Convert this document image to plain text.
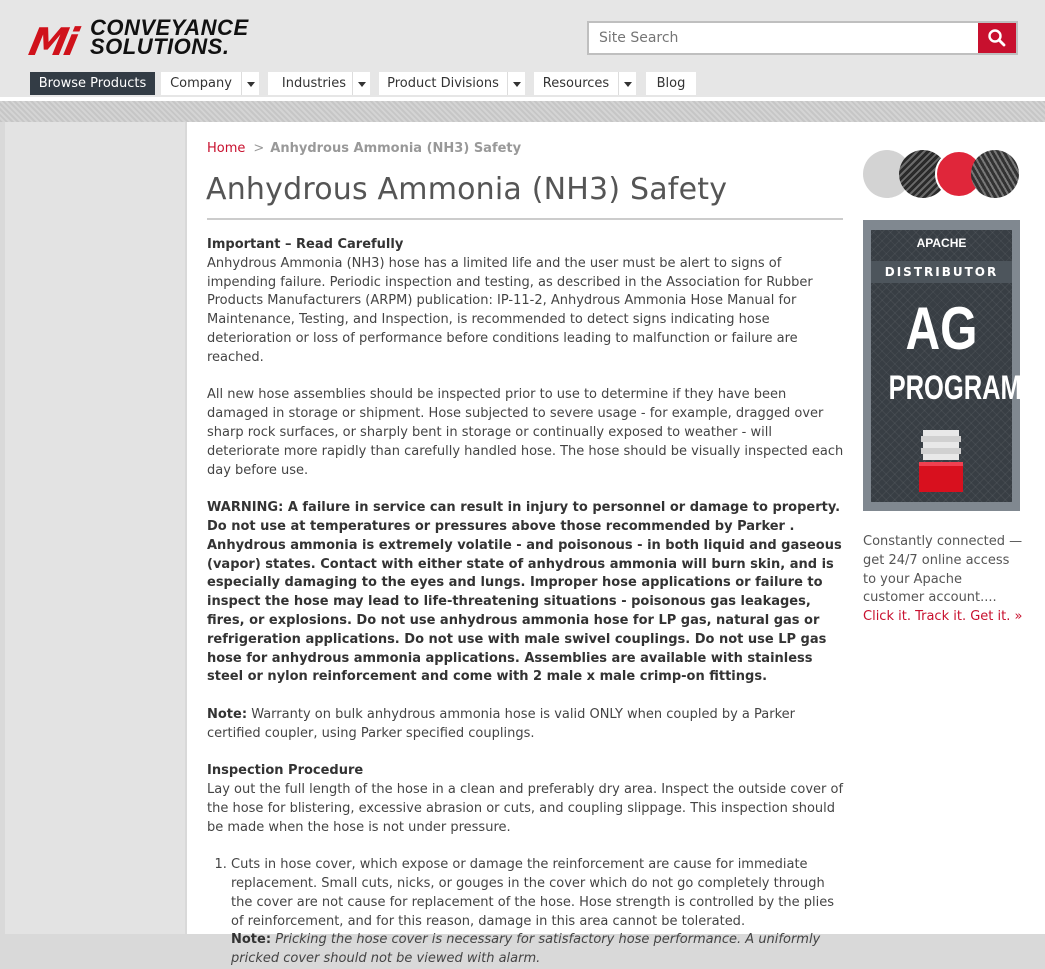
Mi CONVEYANCE
SOLUTIONS.
Site Search
Browse Products	Company	Industries	Product Divisions	Resources	Blog
Home > Anhydrous Ammonia (NH3) Safety
Anhydrous Ammonia (NH3) Safety

Important – Read Carefully
Anhydrous Ammonia (NH3) hose has a limited life and the user must be alert to signs of impending failure. Periodic inspection and testing, as described in the Association for Rubber Products Manufacturers (ARPM) publication: IP-11-2, Anhydrous Ammonia Hose Manual for Maintenance, Testing, and Inspection, is recommended to detect signs indicating hose deterioration or loss of performance before conditions leading to malfunction or failure are reached.

All new hose assemblies should be inspected prior to use to determine if they have been damaged in storage or shipment. Hose subjected to severe usage - for example, dragged over sharp rock surfaces, or sharply bent in storage or continually exposed to weather - will deteriorate more rapidly than carefully handled hose. The hose should be visually inspected each day before use.

WARNING: A failure in service can result in injury to personnel or damage to property. Do not use at temperatures or pressures above those recommended by Parker . Anhydrous ammonia is extremely volatile - and poisonous - in both liquid and gaseous (vapor) states. Contact with either state of anhydrous ammonia will burn skin, and is especially damaging to the eyes and lungs. Improper hose applications or failure to inspect the hose may lead to life-threatening situations - poisonous gas leakages, fires, or explosions. Do not use anhydrous ammonia hose for LP gas, natural gas or refrigeration applications. Do not use with male swivel couplings. Do not use LP gas hose for anhydrous ammonia applications. Assemblies are available with stainless steel or nylon reinforcement and come with 2 male x male crimp-on fittings.

Note: Warranty on bulk anhydrous ammonia hose is valid ONLY when coupled by a Parker certified coupler, using Parker specified couplings.

Inspection Procedure
Lay out the full length of the hose in a clean and preferably dry area. Inspect the outside cover of the hose for blistering, excessive abrasion or cuts, and coupling slippage. This inspection should be made when the hose is not under pressure.

1. Cuts in hose cover, which expose or damage the reinforcement are cause for immediate replacement. Small cuts, nicks, or gouges in the cover which do not go completely through the cover are not cause for replacement of the hose. Hose strength is controlled by the plies of reinforcement, and for this reason, damage in this area cannot be tolerated.
Note: Pricking the hose cover is necessary for satisfactory hose performance. A uniformly pricked cover should not be viewed with alarm.
APACHE
DISTRIBUTOR
AG
PROGRAM
Constantly connected — get 24/7 online access to your Apache customer account.... Click it. Track it. Get it. »
